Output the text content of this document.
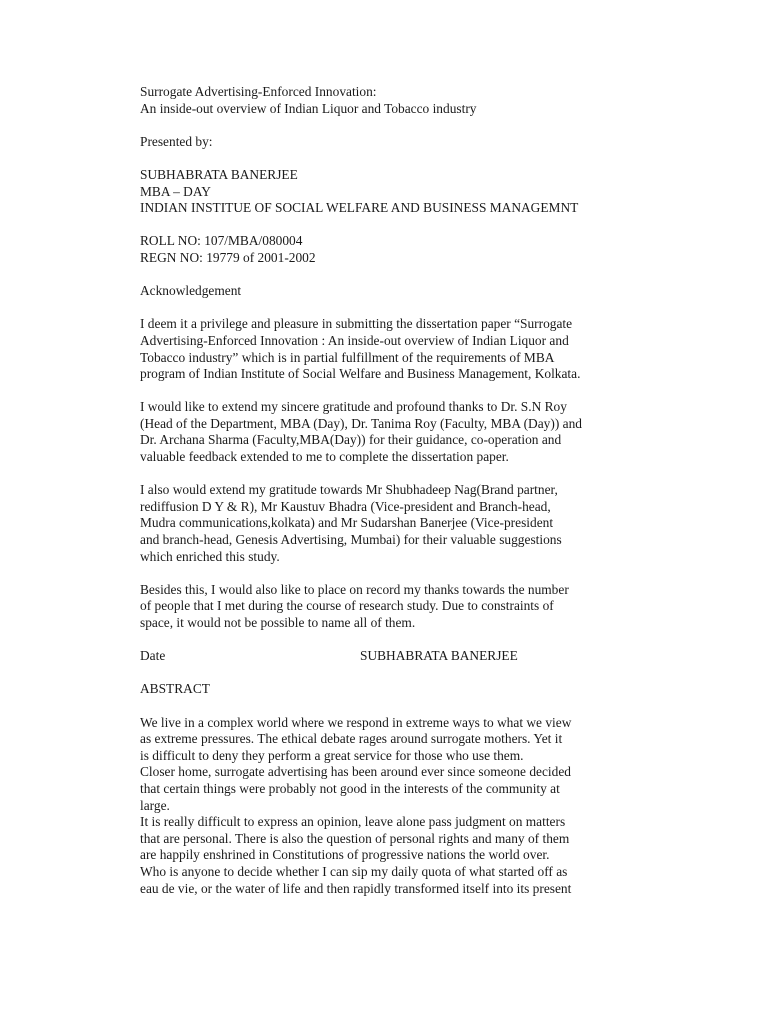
Surrogate Advertising-Enforced Innovation:
An inside-out overview of Indian Liquor and Tobacco industry
Presented by:
SUBHABRATA BANERJEE
MBA – DAY
INDIAN INSTITUE OF SOCIAL WELFARE AND BUSINESS MANAGEMNT
ROLL NO: 107/MBA/080004
REGN NO: 19779 of 2001-2002
Acknowledgement
I deem it a privilege and pleasure in submitting the dissertation paper “Surrogate
Advertising-Enforced Innovation : An inside-out overview of Indian Liquor and
Tobacco industry” which is in partial fulfillment of the requirements of MBA
program of Indian Institute of Social Welfare and Business Management, Kolkata.
I would like to extend my sincere gratitude and profound thanks to Dr. S.N Roy
(Head of the Department, MBA (Day), Dr. Tanima Roy (Faculty, MBA (Day)) and
Dr. Archana Sharma (Faculty,MBA(Day)) for their guidance, co-operation and
valuable feedback extended to me to complete the dissertation paper.
I also would extend my gratitude towards Mr Shubhadeep Nag(Brand partner,
rediffusion D Y & R), Mr Kaustuv Bhadra (Vice-president and Branch-head,
Mudra communications,kolkata) and Mr Sudarshan Banerjee (Vice-president
and branch-head, Genesis Advertising, Mumbai) for their valuable suggestions
which enriched this study.
Besides this, I would also like to place on record my thanks towards the number
of people that I met during the course of research study. Due to constraints of
space, it would not be possible to name all of them.
Date	SUBHABRATA BANERJEE
ABSTRACT
We live in a complex world where we respond in extreme ways to what we view
as extreme pressures. The ethical debate rages around surrogate mothers. Yet it
is difficult to deny they perform a great service for those who use them.
Closer home, surrogate advertising has been around ever since someone decided
that certain things were probably not good in the interests of the community at
large.
It is really difficult to express an opinion, leave alone pass judgment on matters
that are personal. There is also the question of personal rights and many of them
are happily enshrined in Constitutions of progressive nations the world over.
Who is anyone to decide whether I can sip my daily quota of what started off as
eau de vie, or the water of life and then rapidly transformed itself into its present
